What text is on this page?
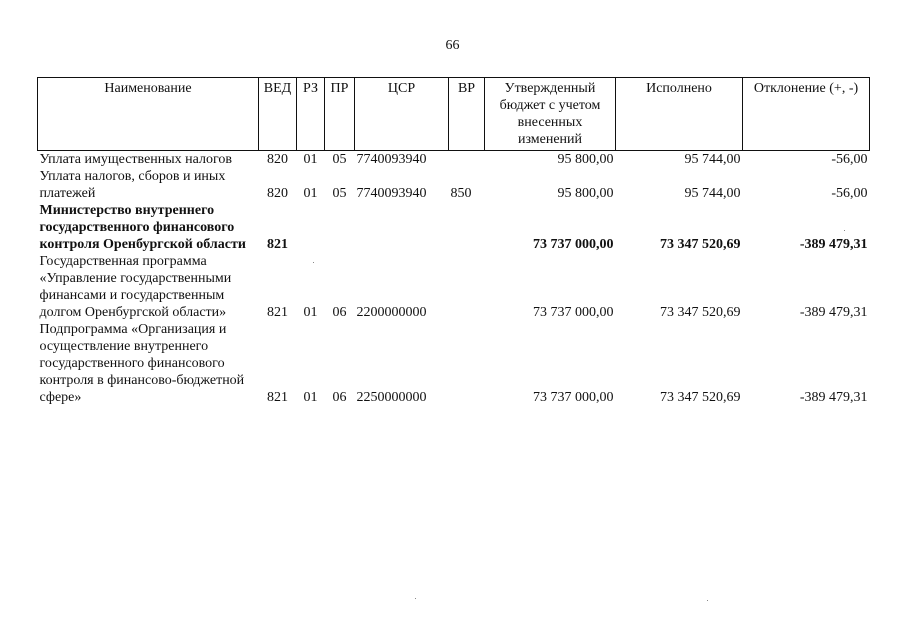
66
Наименование	ВЕД	РЗ	ПР	ЦСР	ВР	Утвержденный бюджет с учетом внесенных изменений	Исполнено	Отклонение (+, -)
Уплата имущественных налогов	820	01	05	7740093940		95 800,00	95 744,00	-56,00
Уплата налогов, сборов и иных платежей	820	01	05	7740093940	850	95 800,00	95 744,00	-56,00
Министерство внутреннего государственного финансового контроля Оренбургской области	821					73 737 000,00	73 347 520,69	-389 479,31
Государственная программа «Управление государственными финансами и государственным долгом Оренбургской области»	821	01	06	2200000000		73 737 000,00	73 347 520,69	-389 479,31
Подпрограмма «Организация и осуществление внутреннего государственного финансового контроля в финансово-бюджетной сфере»	821	01	06	2250000000		73 737 000,00	73 347 520,69	-389 479,31
